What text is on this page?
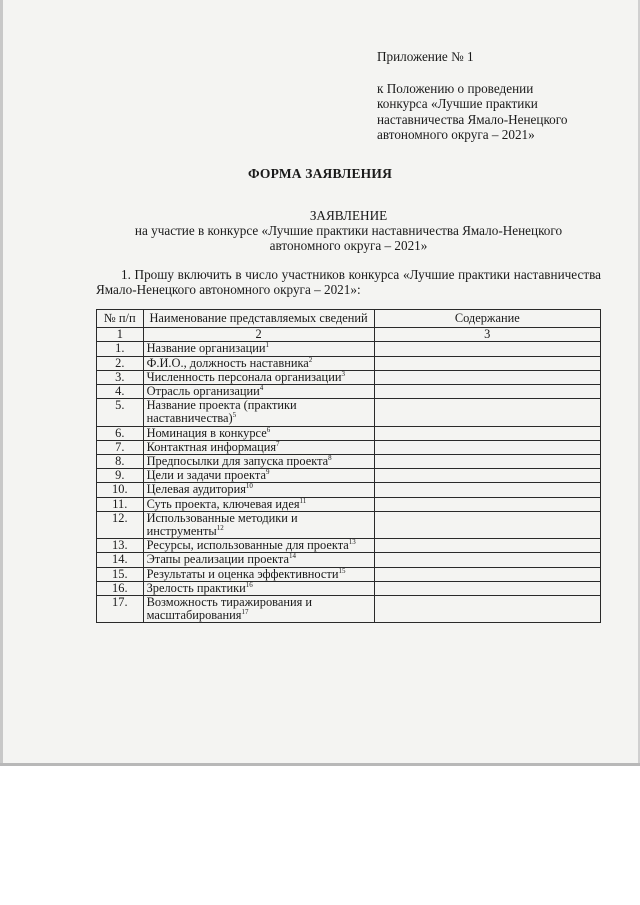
Приложение № 1

к Положению о проведении

конкурса «Лучшие практики

наставничества Ямало-Ненецкого

автономного округа – 2021»

ФОРМА ЗАЯВЛЕНИЯ

ЗАЯВЛЕНИЕ

на участие в конкурсе «Лучшие практики наставничества Ямало-Ненецкого

автономного округа – 2021»

1. Прошу включить в число участников конкурса «Лучшие практики наставничества Ямало-Ненецкого автономного округа – 2021»:

№ п/п	Наименование представляемых сведений	Содержание
1	2	3
1.	Название организации$^1$	
2.	Ф.И.О., должность наставника$^2$	
3.	Численность персонала организации$^3$	
4.	Отрасль организации$^4$	
5.	Название проекта (практики наставничества)$^5$	
6.	Номинация в конкурсе$^6$	
7.	Контактная информация$^7$	
8.	Предпосылки для запуска проекта$^8$	
9.	Цели и задачи проекта$^9$	
10.	Целевая аудитория$^{10}$	
11.	Суть проекта, ключевая идея$^{11}$	
12.	Использованные методики и инструменты$^{12}$	
13.	Ресурсы, использованные для проекта$^{13}$	
14.	Этапы реализации проекта$^{14}$	
15.	Результаты и оценка эффективности$^{15}$	
16.	Зрелость практики$^{16}$	
17.	Возможность тиражирования и масштабирования$^{17}$	
